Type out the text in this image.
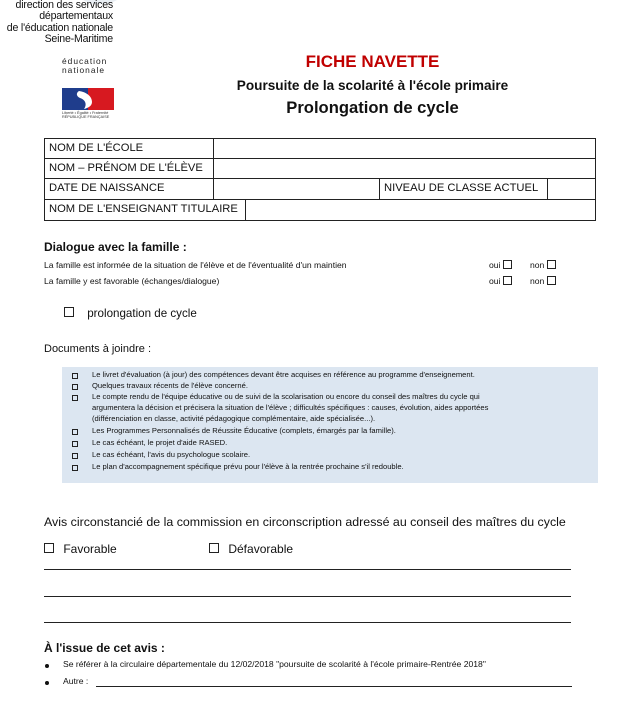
direction des services
départementaux
de l'éducation nationale
Seine-Maritime
éducation
nationale
Liberté • Égalité • Fraternité RÉPUBLIQUE FRANÇAISE
FICHE NAVETTE
Poursuite de la scolarité à l'école primaire
Prolongation de cycle
NOM DE L'ÉCOLE
NOM – PRÉNOM DE L'ÉLÈVE
DATE DE NAISSANCE	NIVEAU DE CLASSE ACTUEL
NOM DE L'ENSEIGNANT TITULAIRE
Dialogue avec la famille :
La famille est informée de la situation de l'élève et de l'éventualité d'un maintien	oui	non
La famille y est favorable (échanges/dialogue)	oui	non
prolongation de cycle
Documents à joindre :
Le livret d'évaluation (à jour) des compétences devant être acquises en référence au programme d'enseignement.
Quelques travaux récents de l'élève concerné.
Le compte rendu de l'équipe éducative ou de suivi de la scolarisation ou encore du conseil des maîtres du cycle qui
argumentera la décision et précisera la situation de l'élève ; difficultés spécifiques : causes, évolution, aides apportées
(différenciation en classe, activité pédagogique complémentaire, aide spécialisée...).
Les Programmes Personnalisés de Réussite Éducative (complets, émargés par la famille).
Le cas échéant, le projet d'aide RASED.
Le cas échéant, l'avis du psychologue scolaire.
Le plan d'accompagnement spécifique prévu pour l'élève à la rentrée prochaine s'il redouble.
Avis circonstancié de la commission en circonscription adressé au conseil des maîtres du cycle
Favorable	Défavorable
À l'issue de cet avis :
Se référer à la circulaire départementale du 12/02/2018 "poursuite de scolarité à l'école primaire-Rentrée 2018"
Autre :
